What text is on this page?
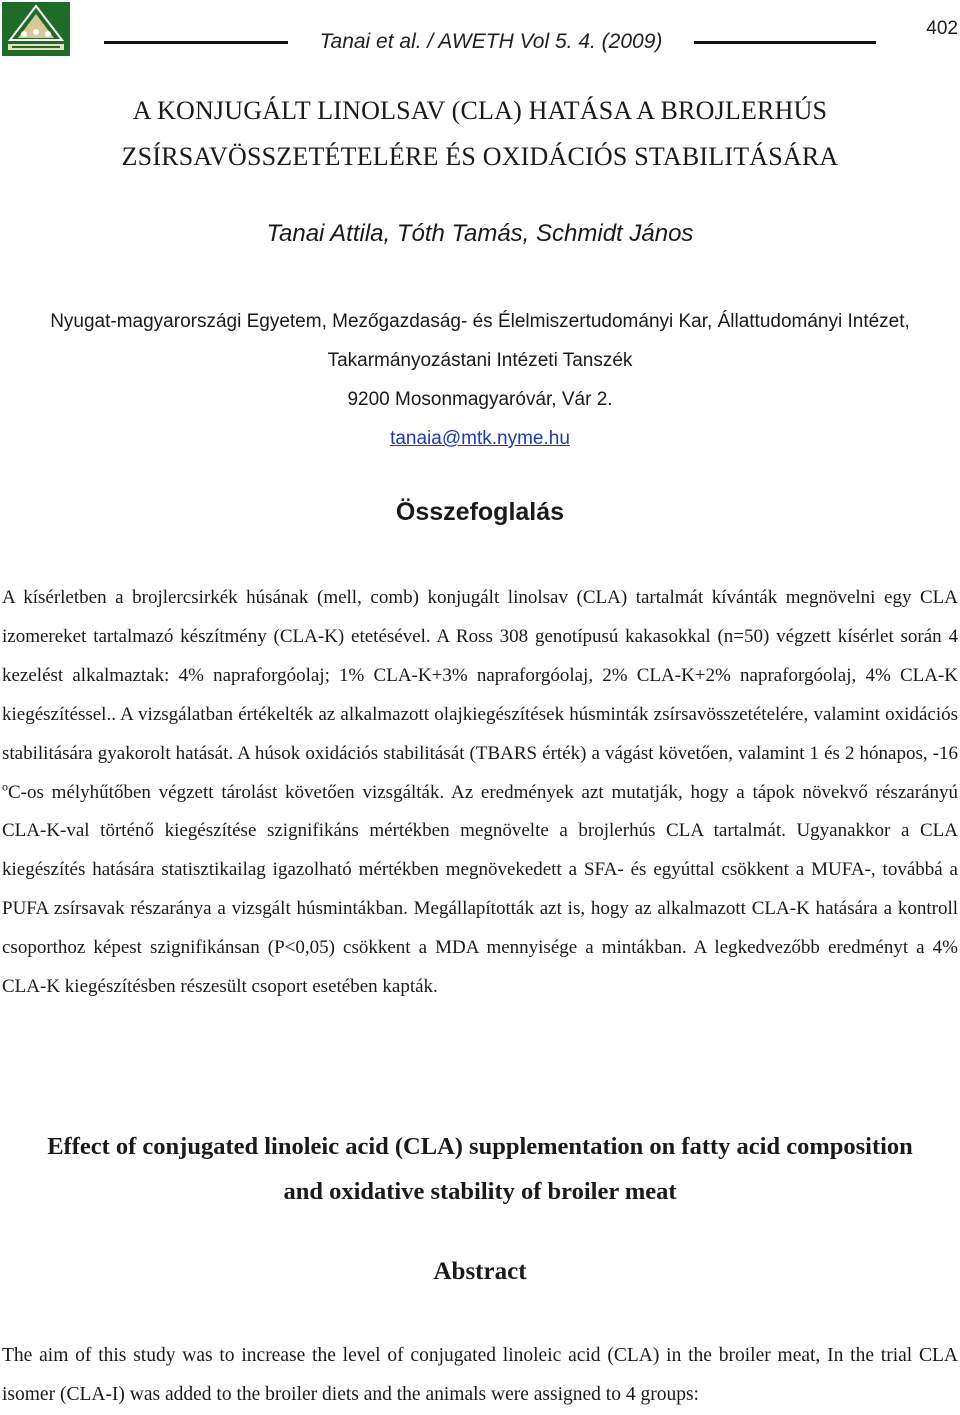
Tanai et al. / AWETH Vol 5. 4. (2009)
402
A KONJUGÁLT LINOLSAV (CLA) HATÁSA A BROJLERHÚS
ZSÍRSAVÖSSZETÉTELÉRE ÉS OXIDÁCIÓS STABILITÁSÁRA
Tanai Attila, Tóth Tamás, Schmidt János
Nyugat-magyarországi Egyetem, Mezőgazdaság- és Élelmiszertudományi Kar, Állattudományi Intézet,
Takarmányozástani Intézeti Tanszék
9200 Mosonmagyaróvár, Vár 2.
tanaia@mtk.nyme.hu
Összefoglalás

A kísérletben a brojlercsirkék húsának (mell, comb) konjugált linolsav (CLA) tartalmát kívánták megnövelni egy CLA izomereket tartalmazó készítmény (CLA-K) etetésével. A Ross 308 genotípusú kakasokkal (n=50) végzett kísérlet során 4 kezelést alkalmaztak: 4% napraforgóolaj; 1% CLA-K+3% napraforgóolaj, 2% CLA-K+2% napraforgóolaj, 4% CLA-K kiegészítéssel.. A vizsgálatban értékelték az alkalmazott olajkiegészítések húsminták zsírsavösszetételére, valamint oxidációs stabilitására gyakorolt hatását. A húsok oxidációs stabilitását (TBARS érték) a vágást követően, valamint 1 és 2 hónapos, -16 $^o$C-os mélyhűtőben végzett tárolást követően vizsgálták. Az eredmények azt mutatják, hogy a tápok növekvő részarányú CLA-K-val történő kiegészítése szignifikáns mértékben megnövelte a brojlerhús CLA tartalmát. Ugyanakkor a CLA kiegészítés hatására statisztikailag igazolható mértékben megnövekedett a SFA- és egyúttal csökkent a MUFA-, továbbá a PUFA zsírsavak részaránya a vizsgált húsmintákban. Megállapították azt is, hogy az alkalmazott CLA-K hatására a kontroll csoporthoz képest szignifikánsan (P<0,05) csökkent a MDA mennyisége a mintákban. A legkedvezőbb eredményt a 4% CLA-K kiegészítésben részesült csoport esetében kapták.

Effect of conjugated linoleic acid (CLA) supplementation on fatty acid composition
and oxidative stability of broiler meat
Abstract

The aim of this study was to increase the level of conjugated linoleic acid (CLA) in the broiler meat, In the trial CLA isomer (CLA-I) was added to the broiler diets and the animals were assigned to 4 groups:
